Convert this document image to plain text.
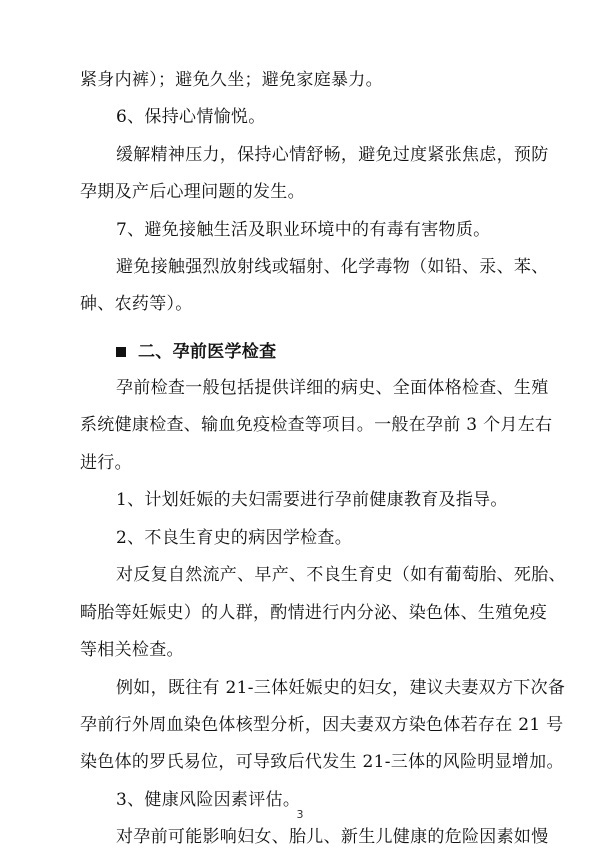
紧身内裤）；避免久坐；避免家庭暴力。
6、保持心情愉悦。
缓解精神压力，保持心情舒畅，避免过度紧张焦虑，预防
孕期及产后心理问题的发生。
7、避免接触生活及职业环境中的有毒有害物质。
避免接触强烈放射线或辐射、化学毒物（如铅、汞、苯、
砷、农药等）。
二、孕前医学检查
孕前检查一般包括提供详细的病史、全面体格检查、生殖
系统健康检查、输血免疫检查等项目。一般在孕前 3 个月左右
进行。
1、计划妊娠的夫妇需要进行孕前健康教育及指导。
2、不良生育史的病因学检查。
对反复自然流产、早产、不良生育史（如有葡萄胎、死胎、
畸胎等妊娠史）的人群，酌情进行内分泌、染色体、生殖免疫
等相关检查。
例如，既往有 21-三体妊娠史的妇女，建议夫妻双方下次备
孕前行外周血染色体核型分析，因夫妻双方染色体若存在 21 号
染色体的罗氏易位，可导致后代发生 21-三体的风险明显增加。
3、健康风险因素评估。
对孕前可能影响妇女、胎儿、新生儿健康的危险因素如慢
3
